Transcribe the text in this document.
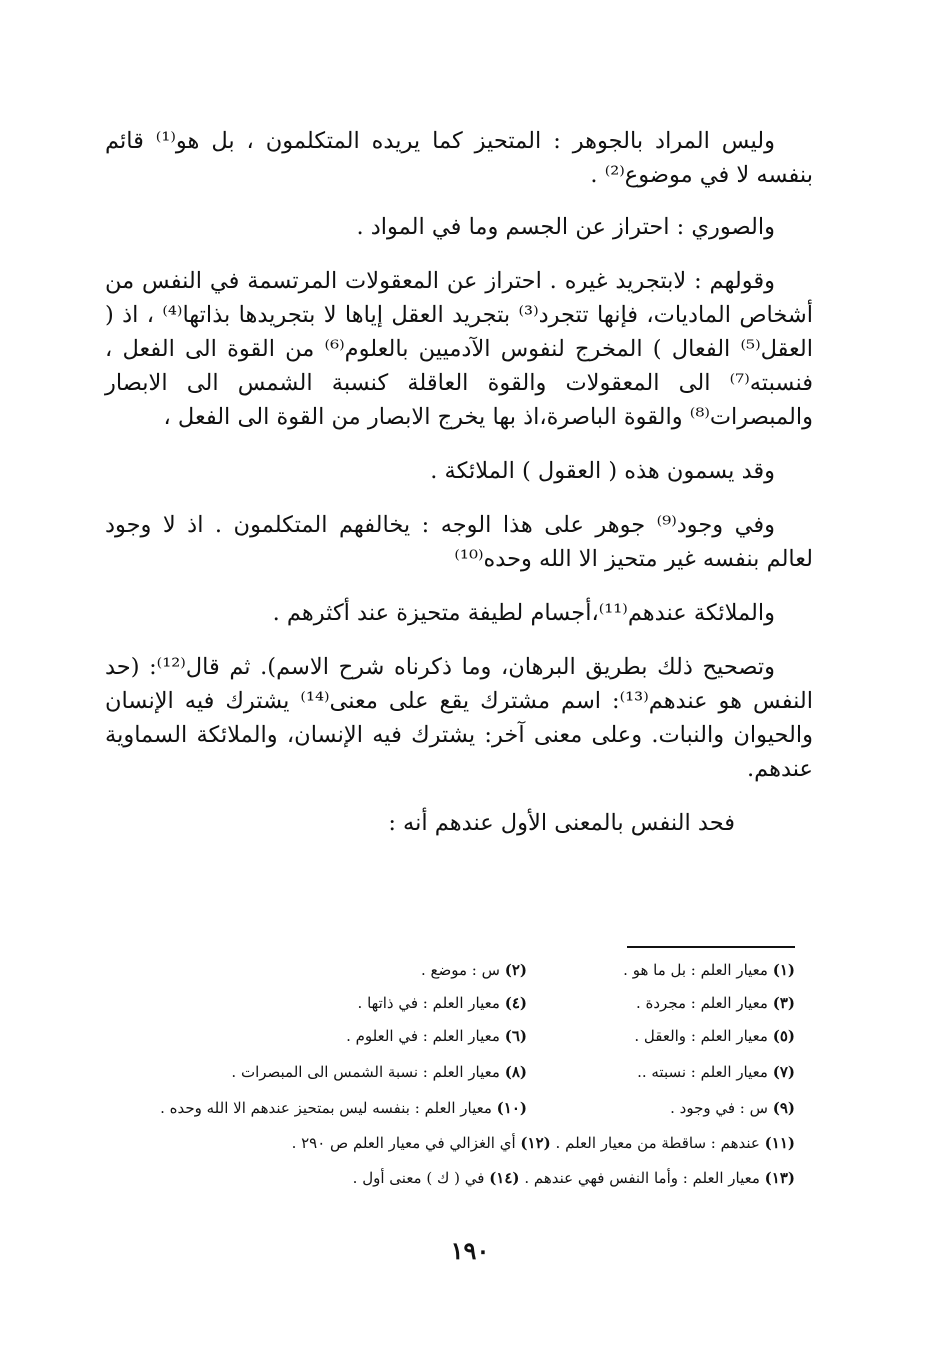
وليس المراد بالجوهر : المتحيز كما يريده المتكلمون ، بل هو⁽¹⁾ قائم بنفسه لا في موضوع⁽²⁾ .

والصوري : احتراز عن الجسم وما في المواد .

وقولهم : لابتجريد غيره . احتراز عن المعقولات المرتسمة في النفس من أشخاص الماديات، فإنها تتجرد⁽³⁾ بتجريد العقل إياها لا بتجريدها بذاتها⁽⁴⁾ ، اذ ( العقل⁽⁵⁾ الفعال ) المخرج لنفوس الآدميين بالعلوم⁽⁶⁾ من القوة الى الفعل ، فنسبته⁽⁷⁾ الى المعقولات والقوة العاقلة كنسبة الشمس الى الابصار والمبصرات⁽⁸⁾ والقوة الباصرة،اذ بها يخرج الابصار من القوة الى الفعل ،

وقد يسمون هذه ( العقول ) الملائكة .

وفي وجود⁽⁹⁾ جوهر على هذا الوجه : يخالفهم المتكلمون . اذ لا وجود لعالم بنفسه غير متحيز الا الله وحده⁽¹⁰⁾

والملائكة عندهم⁽¹¹⁾،أجسام لطيفة متحيزة عند أكثرهم .

وتصحيح ذلك بطريق البرهان، وما ذكرناه شرح الاسم). ثم قال⁽¹²⁾: (حد النفس هو عندهم⁽¹³⁾: اسم مشترك يقع على معنى⁽¹⁴⁾ يشترك فيه الإنسان والحيوان والنبات. وعلى معنى آخر: يشترك فيه الإنسان، والملائكة السماوية عندهم.

فحد النفس بالمعنى الأول عندهم أنه :

(١) معيار العلم : بل ما هو .
(٢) س : موضع .
(٣) معيار العلم : مجردة .
(٤) معيار العلم : في ذاتها .
(٥) معيار العلم : والعقل .
(٦) معيار العلم : في العلوم .
(٧) معيار العلم : نسبته ..
(٨) معيار العلم : نسبة الشمس الى المبصرات .
(٩) س : في وجود .
(١٠) معيار العلم : بنفسه ليس بمتحيز عندهم الا الله وحده .
(١١) عندهم : ساقطة من معيار العلم . (١٢) أي الغزالي في معيار العلم ص ٢٩٠ .
(١٣) معيار العلم : وأما النفس فهي عندهم . (١٤) في ( ك ) معنى أول .
١٩٠
